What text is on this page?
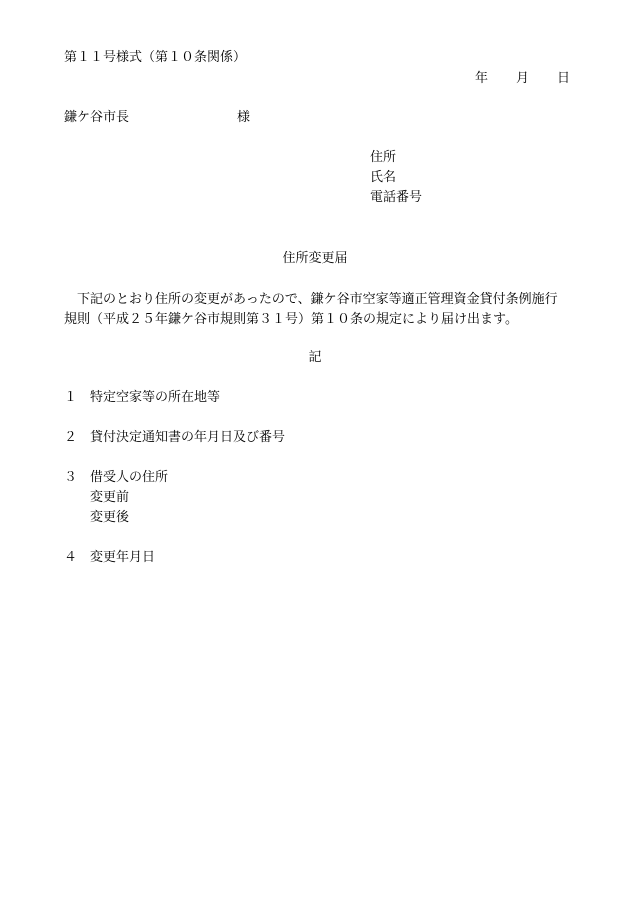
第１１号様式（第１０条関係）
年 月 日
鎌ケ谷市長	様
住所
氏名
電話番号
住所変更届
　下記のとおり住所の変更があったので、鎌ケ谷市空家等適正管理資金貸付条例施行
規則（平成２５年鎌ケ谷市規則第３１号）第１０条の規定により届け出ます。
記
１ 特定空家等の所在地等
２ 貸付決定通知書の年月日及び番号
３ 借受人の住所
変更前
変更後
４ 変更年月日
